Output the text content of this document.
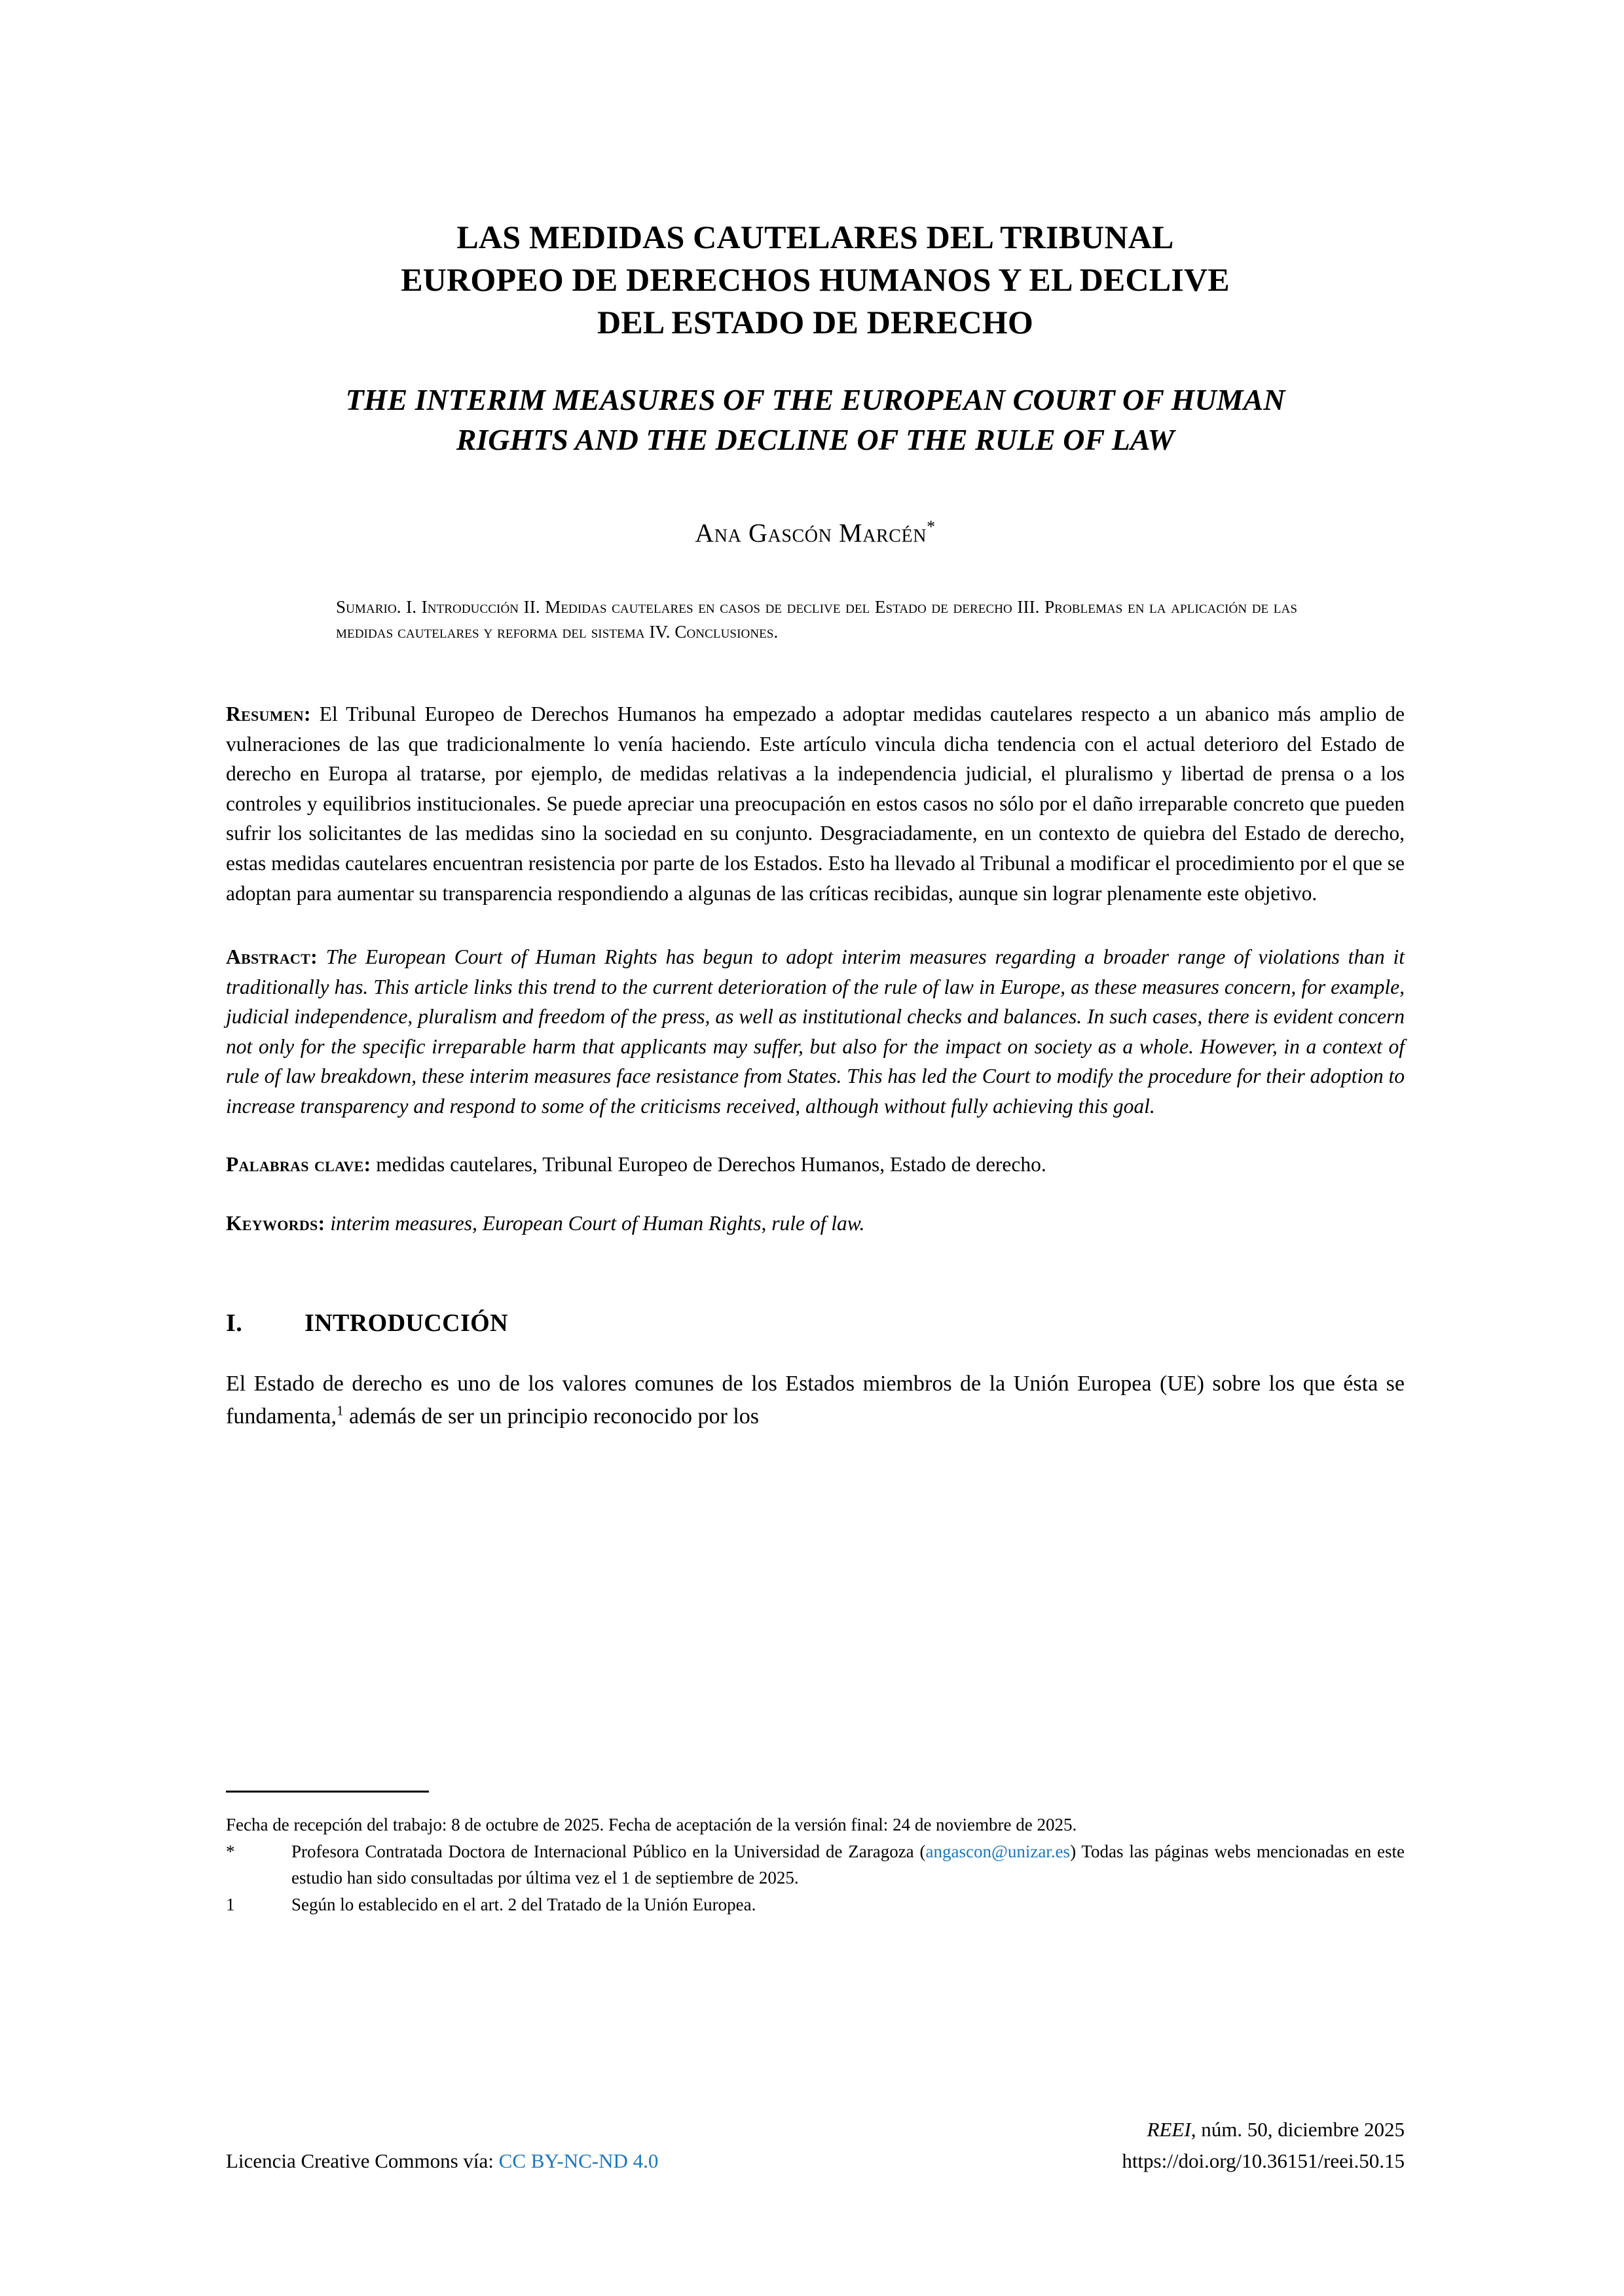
LAS MEDIDAS CAUTELARES DEL TRIBUNAL
EUROPEO DE DERECHOS HUMANOS Y EL DECLIVE
DEL ESTADO DE DERECHO
THE INTERIM MEASURES OF THE EUROPEAN COURT OF HUMAN
RIGHTS AND THE DECLINE OF THE RULE OF LAW

Ana Gascón Marcén*

Sumario. I. Introducción II. Medidas cautelares en casos de declive del Estado de derecho III. Problemas en la aplicación de las medidas cautelares y reforma del sistema IV. Conclusiones.

Resumen: El Tribunal Europeo de Derechos Humanos ha empezado a adoptar medidas cautelares respecto a un abanico más amplio de vulneraciones de las que tradicionalmente lo venía haciendo. Este artículo vincula dicha tendencia con el actual deterioro del Estado de derecho en Europa al tratarse, por ejemplo, de medidas relativas a la independencia judicial, el pluralismo y libertad de prensa o a los controles y equilibrios institucionales. Se puede apreciar una preocupación en estos casos no sólo por el daño irreparable concreto que pueden sufrir los solicitantes de las medidas sino la sociedad en su conjunto. Desgraciadamente, en un contexto de quiebra del Estado de derecho, estas medidas cautelares encuentran resistencia por parte de los Estados. Esto ha llevado al Tribunal a modificar el procedimiento por el que se adoptan para aumentar su transparencia respondiendo a algunas de las críticas recibidas, aunque sin lograr plenamente este objetivo.

Abstract: The European Court of Human Rights has begun to adopt interim measures regarding a broader range of violations than it traditionally has. This article links this trend to the current deterioration of the rule of law in Europe, as these measures concern, for example, judicial independence, pluralism and freedom of the press, as well as institutional checks and balances. In such cases, there is evident concern not only for the specific irreparable harm that applicants may suffer, but also for the impact on society as a whole. However, in a context of rule of law breakdown, these interim measures face resistance from States. This has led the Court to modify the procedure for their adoption to increase transparency and respond to some of the criticisms received, although without fully achieving this goal.

Palabras clave: medidas cautelares, Tribunal Europeo de Derechos Humanos, Estado de derecho.

Keywords: interim measures, European Court of Human Rights, rule of law.

I. INTRODUCCIÓN

El Estado de derecho es uno de los valores comunes de los Estados miembros de la Unión Europea (UE) sobre los que ésta se fundamenta,$^1$ además de ser un principio reconocido por los

Fecha de recepción del trabajo: 8 de octubre de 2025. Fecha de aceptación de la versión final: 24 de noviembre de 2025.

*	Profesora Contratada Doctora de Internacional Público en la Universidad de Zaragoza (angascon@unizar.es) Todas las páginas webs mencionadas en este estudio han sido consultadas por última vez el 1 de septiembre de 2025.

1	Según lo establecido en el art. 2 del Tratado de la Unión Europea.

REEI, núm. 50, diciembre 2025
Licencia Creative Commons vía: CC BY-NC-ND 4.0	https://doi.org/10.36151/reei.50.15
